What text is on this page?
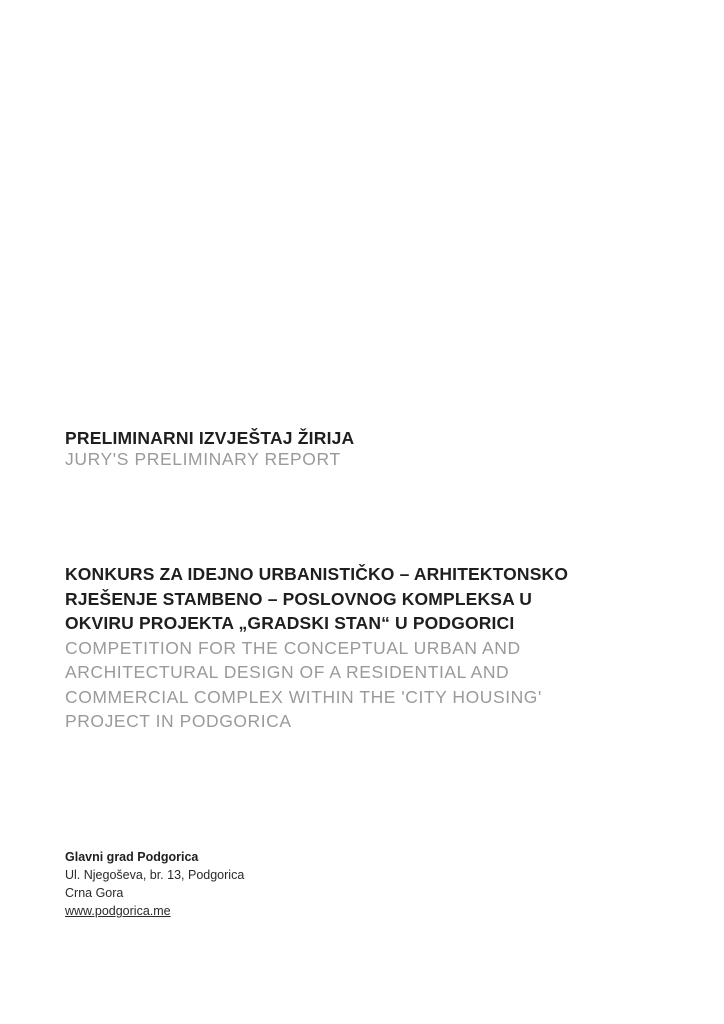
PRELIMINARNI IZVJEŠTAJ ŽIRIJA
JURY'S PRELIMINARY REPORT
KONKURS ZA IDEJNO URBANISTIČKO – ARHITEKTONSKO
RJEŠENJE STAMBENO – POSLOVNOG KOMPLEKSA U
OKVIRU PROJEKTA „GRADSKI STAN“ U PODGORICI
COMPETITION FOR THE CONCEPTUAL URBAN AND
ARCHITECTURAL DESIGN OF A RESIDENTIAL AND
COMMERCIAL COMPLEX WITHIN THE 'CITY HOUSING'
PROJECT IN PODGORICA
Glavni grad Podgorica
Ul. Njegoševa, br. 13, Podgorica
Crna Gora
www.podgorica.me
